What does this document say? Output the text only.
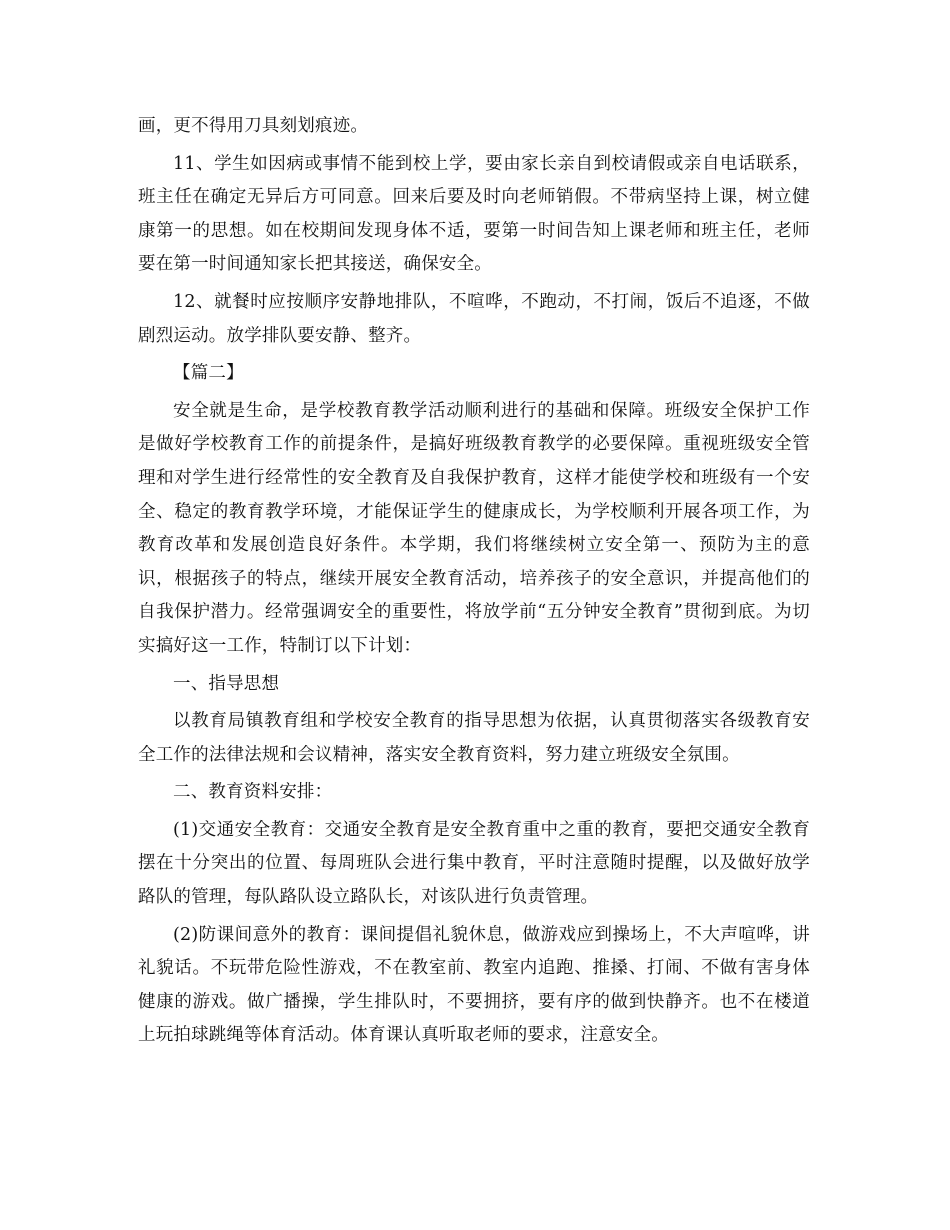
画，更不得用刀具刻划痕迹。

11、学生如因病或事情不能到校上学，要由家长亲自到校请假或亲自电话联系，班主任在确定无异后方可同意。回来后要及时向老师销假。不带病坚持上课，树立健康第一的思想。如在校期间发现身体不适，要第一时间告知上课老师和班主任，老师要在第一时间通知家长把其接送，确保安全。

12、就餐时应按顺序安静地排队，不喧哗，不跑动，不打闹，饭后不追逐，不做剧烈运动。放学排队要安静、整齐。

【篇二】

安全就是生命，是学校教育教学活动顺利进行的基础和保障。班级安全保护工作是做好学校教育工作的前提条件，是搞好班级教育教学的必要保障。重视班级安全管理和对学生进行经常性的安全教育及自我保护教育，这样才能使学校和班级有一个安全、稳定的教育教学环境，才能保证学生的健康成长，为学校顺利开展各项工作，为教育改革和发展创造良好条件。本学期，我们将继续树立安全第一、预防为主的意识，根据孩子的特点，继续开展安全教育活动，培养孩子的安全意识，并提高他们的自我保护潜力。经常强调安全的重要性，将放学前“五分钟安全教育”贯彻到底。为切实搞好这一工作，特制订以下计划：

一、指导思想

以教育局镇教育组和学校安全教育的指导思想为依据，认真贯彻落实各级教育安全工作的法律法规和会议精神，落实安全教育资料，努力建立班级安全氛围。

二、教育资料安排：

(1)交通安全教育：交通安全教育是安全教育重中之重的教育，要把交通安全教育摆在十分突出的位置、每周班队会进行集中教育，平时注意随时提醒，以及做好放学路队的管理，每队路队设立路队长，对该队进行负责管理。

(2)防课间意外的教育：课间提倡礼貌休息，做游戏应到操场上，不大声喧哗，讲礼貌话。不玩带危险性游戏，不在教室前、教室内追跑、推搡、打闹、不做有害身体健康的游戏。做广播操，学生排队时，不要拥挤，要有序的做到快静齐。也不在楼道上玩拍球跳绳等体育活动。体育课认真听取老师的要求，注意安全。
